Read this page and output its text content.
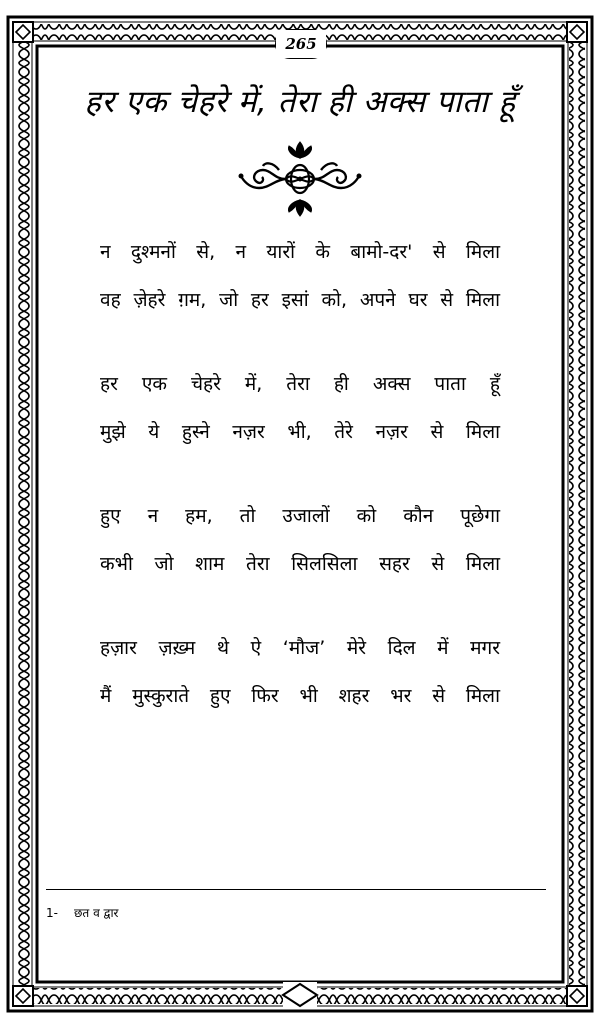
265
हर एक चेहरे में, तेरा ही अक्स पाता हूँ
न दुश्मनों से, न यारों के बामो-दर' से मिला
वह ज़ेहरे ग़म, जो हर इसां को, अपने घर से मिला
हर एक चेहरे में, तेरा ही अक्स पाता हूँ
मुझे ये हुस्ने नज़र भी, तेरे नज़र से मिला
हुए न हम, तो उजालों को कौन पूछेगा
कभी जो शाम तेरा सिलसिला सहर से मिला
हज़ार ज़ख़्म थे ऐ ‘मौज’ मेरे दिल में मगर
मैं मुस्कुराते हुए फिर भी शहर भर से मिला
1- छत व द्वार
